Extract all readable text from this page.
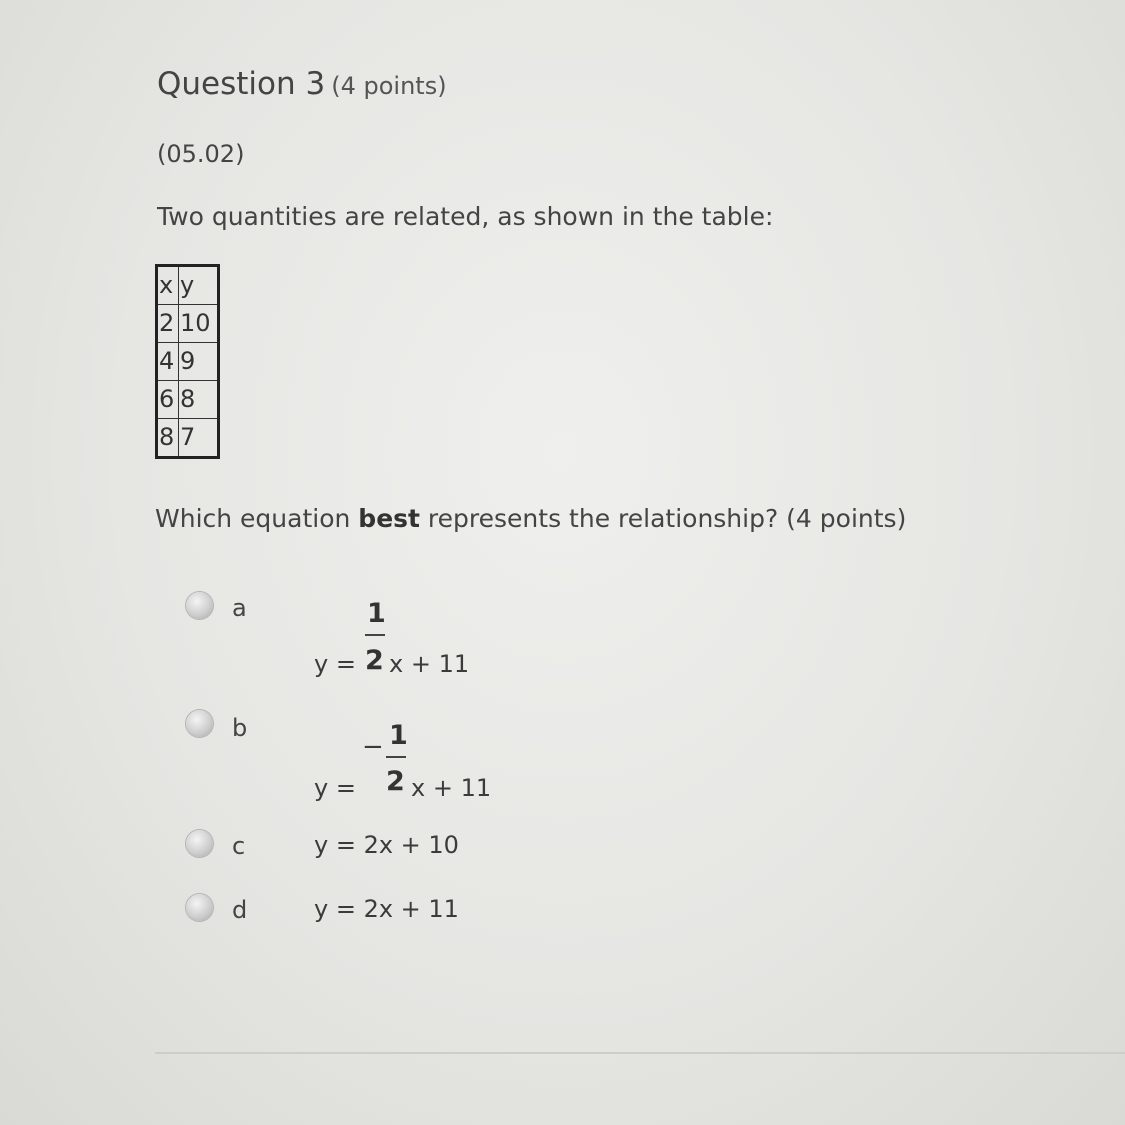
Question 3 (4 points)
(05.02)
Two quantities are related, as shown in the table:
x	y
2	10
4	9
6	8
8	7
Which equation best represents the relationship? (4 points)
a
y =
1
2 x + 11
b
y =
− 1
2 x + 11
c	y = 2x + 10
d	y = 2x + 11
